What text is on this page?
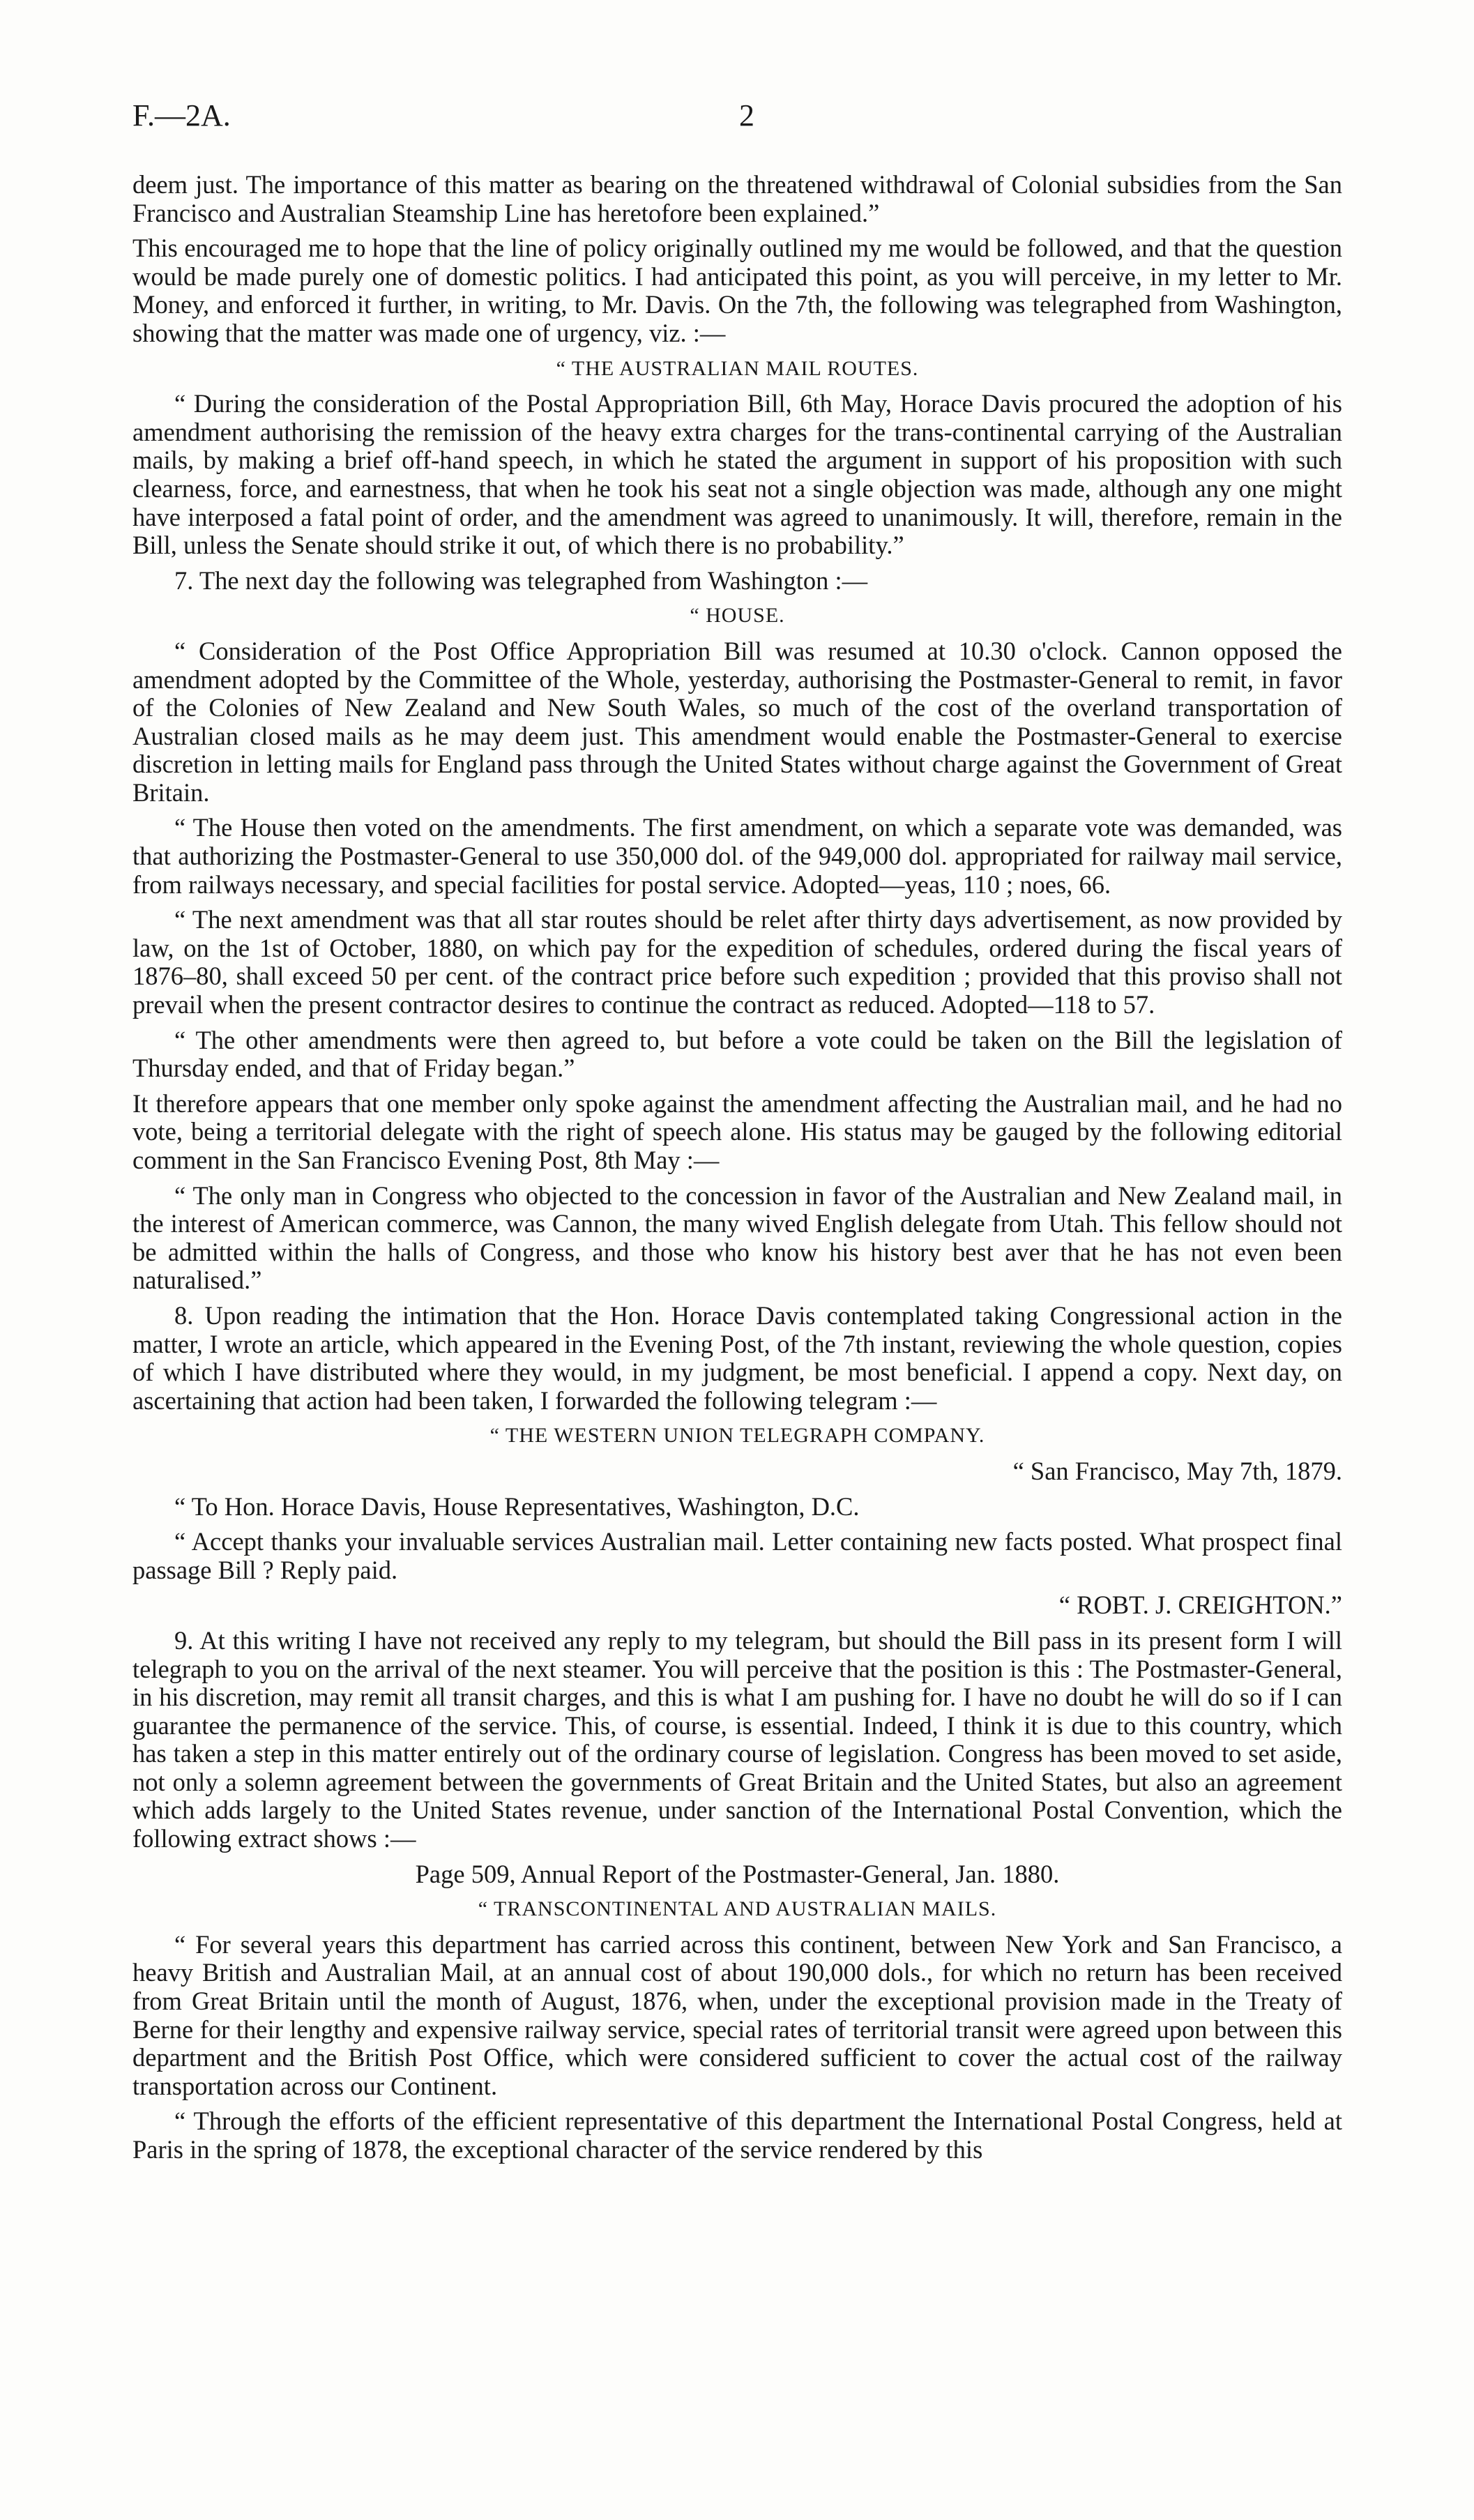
F.—2A.	2

deem just. The importance of this matter as bearing on the threatened withdrawal of Colonial subsidies from the San Francisco and Australian Steamship Line has heretofore been explained.”

This encouraged me to hope that the line of policy originally outlined my me would be followed, and that the question would be made purely one of domestic politics. I had anticipated this point, as you will perceive, in my letter to Mr. Money, and enforced it further, in writing, to Mr. Davis. On the 7th, the following was telegraphed from Washington, showing that the matter was made one of urgency, viz. :—

“ THE AUSTRALIAN MAIL ROUTES.

“ During the consideration of the Postal Appropriation Bill, 6th May, Horace Davis procured the adoption of his amendment authorising the remission of the heavy extra charges for the trans-continental carrying of the Australian mails, by making a brief off-hand speech, in which he stated the argument in support of his proposition with such clearness, force, and earnestness, that when he took his seat not a single objection was made, although any one might have interposed a fatal point of order, and the amendment was agreed to unanimously. It will, therefore, remain in the Bill, unless the Senate should strike it out, of which there is no probability.”

7. The next day the following was telegraphed from Washington :—

“ HOUSE.

“ Consideration of the Post Office Appropriation Bill was resumed at 10.30 o'clock. Cannon opposed the amendment adopted by the Committee of the Whole, yesterday, authorising the Postmaster-General to remit, in favor of the Colonies of New Zealand and New South Wales, so much of the cost of the overland transportation of Australian closed mails as he may deem just. This amendment would enable the Postmaster-General to exercise discretion in letting mails for England pass through the United States without charge against the Government of Great Britain.

“ The House then voted on the amendments. The first amendment, on which a separate vote was demanded, was that authorizing the Postmaster-General to use 350,000 dol. of the 949,000 dol. appropriated for railway mail service, from railways necessary, and special facilities for postal service. Adopted—yeas, 110 ; noes, 66.

“ The next amendment was that all star routes should be relet after thirty days advertisement, as now provided by law, on the 1st of October, 1880, on which pay for the expedition of schedules, ordered during the fiscal years of 1876–80, shall exceed 50 per cent. of the contract price before such expedition ; provided that this proviso shall not prevail when the present contractor desires to continue the contract as reduced. Adopted—118 to 57.

“ The other amendments were then agreed to, but before a vote could be taken on the Bill the legislation of Thursday ended, and that of Friday began.”

It therefore appears that one member only spoke against the amendment affecting the Australian mail, and he had no vote, being a territorial delegate with the right of speech alone. His status may be gauged by the following editorial comment in the San Francisco Evening Post, 8th May :—

“ The only man in Congress who objected to the concession in favor of the Australian and New Zealand mail, in the interest of American commerce, was Cannon, the many wived English delegate from Utah. This fellow should not be admitted within the halls of Congress, and those who know his history best aver that he has not even been naturalised.”

8. Upon reading the intimation that the Hon. Horace Davis contemplated taking Congressional action in the matter, I wrote an article, which appeared in the Evening Post, of the 7th instant, reviewing the whole question, copies of which I have distributed where they would, in my judgment, be most beneficial. I append a copy. Next day, on ascertaining that action had been taken, I forwarded the following telegram :—

“ THE WESTERN UNION TELEGRAPH COMPANY.

“ San Francisco, May 7th, 1879.

“ To Hon. Horace Davis, House Representatives, Washington, D.C.

“ Accept thanks your invaluable services Australian mail. Letter containing new facts posted. What prospect final passage Bill ? Reply paid.

“ ROBT. J. CREIGHTON.”

9. At this writing I have not received any reply to my telegram, but should the Bill pass in its present form I will telegraph to you on the arrival of the next steamer. You will perceive that the position is this : The Postmaster-General, in his discretion, may remit all transit charges, and this is what I am pushing for. I have no doubt he will do so if I can guarantee the permanence of the service. This, of course, is essential. Indeed, I think it is due to this country, which has taken a step in this matter entirely out of the ordinary course of legislation. Congress has been moved to set aside, not only a solemn agreement between the governments of Great Britain and the United States, but also an agreement which adds largely to the United States revenue, under sanction of the International Postal Convention, which the following extract shows :—

Page 509, Annual Report of the Postmaster-General, Jan. 1880.

“ TRANSCONTINENTAL AND AUSTRALIAN MAILS.

“ For several years this department has carried across this continent, between New York and San Francisco, a heavy British and Australian Mail, at an annual cost of about 190,000 dols., for which no return has been received from Great Britain until the month of August, 1876, when, under the exceptional provision made in the Treaty of Berne for their lengthy and expensive railway service, special rates of territorial transit were agreed upon between this department and the British Post Office, which were considered sufficient to cover the actual cost of the railway transportation across our Continent.

“ Through the efforts of the efficient representative of this department the International Postal Congress, held at Paris in the spring of 1878, the exceptional character of the service rendered by this
